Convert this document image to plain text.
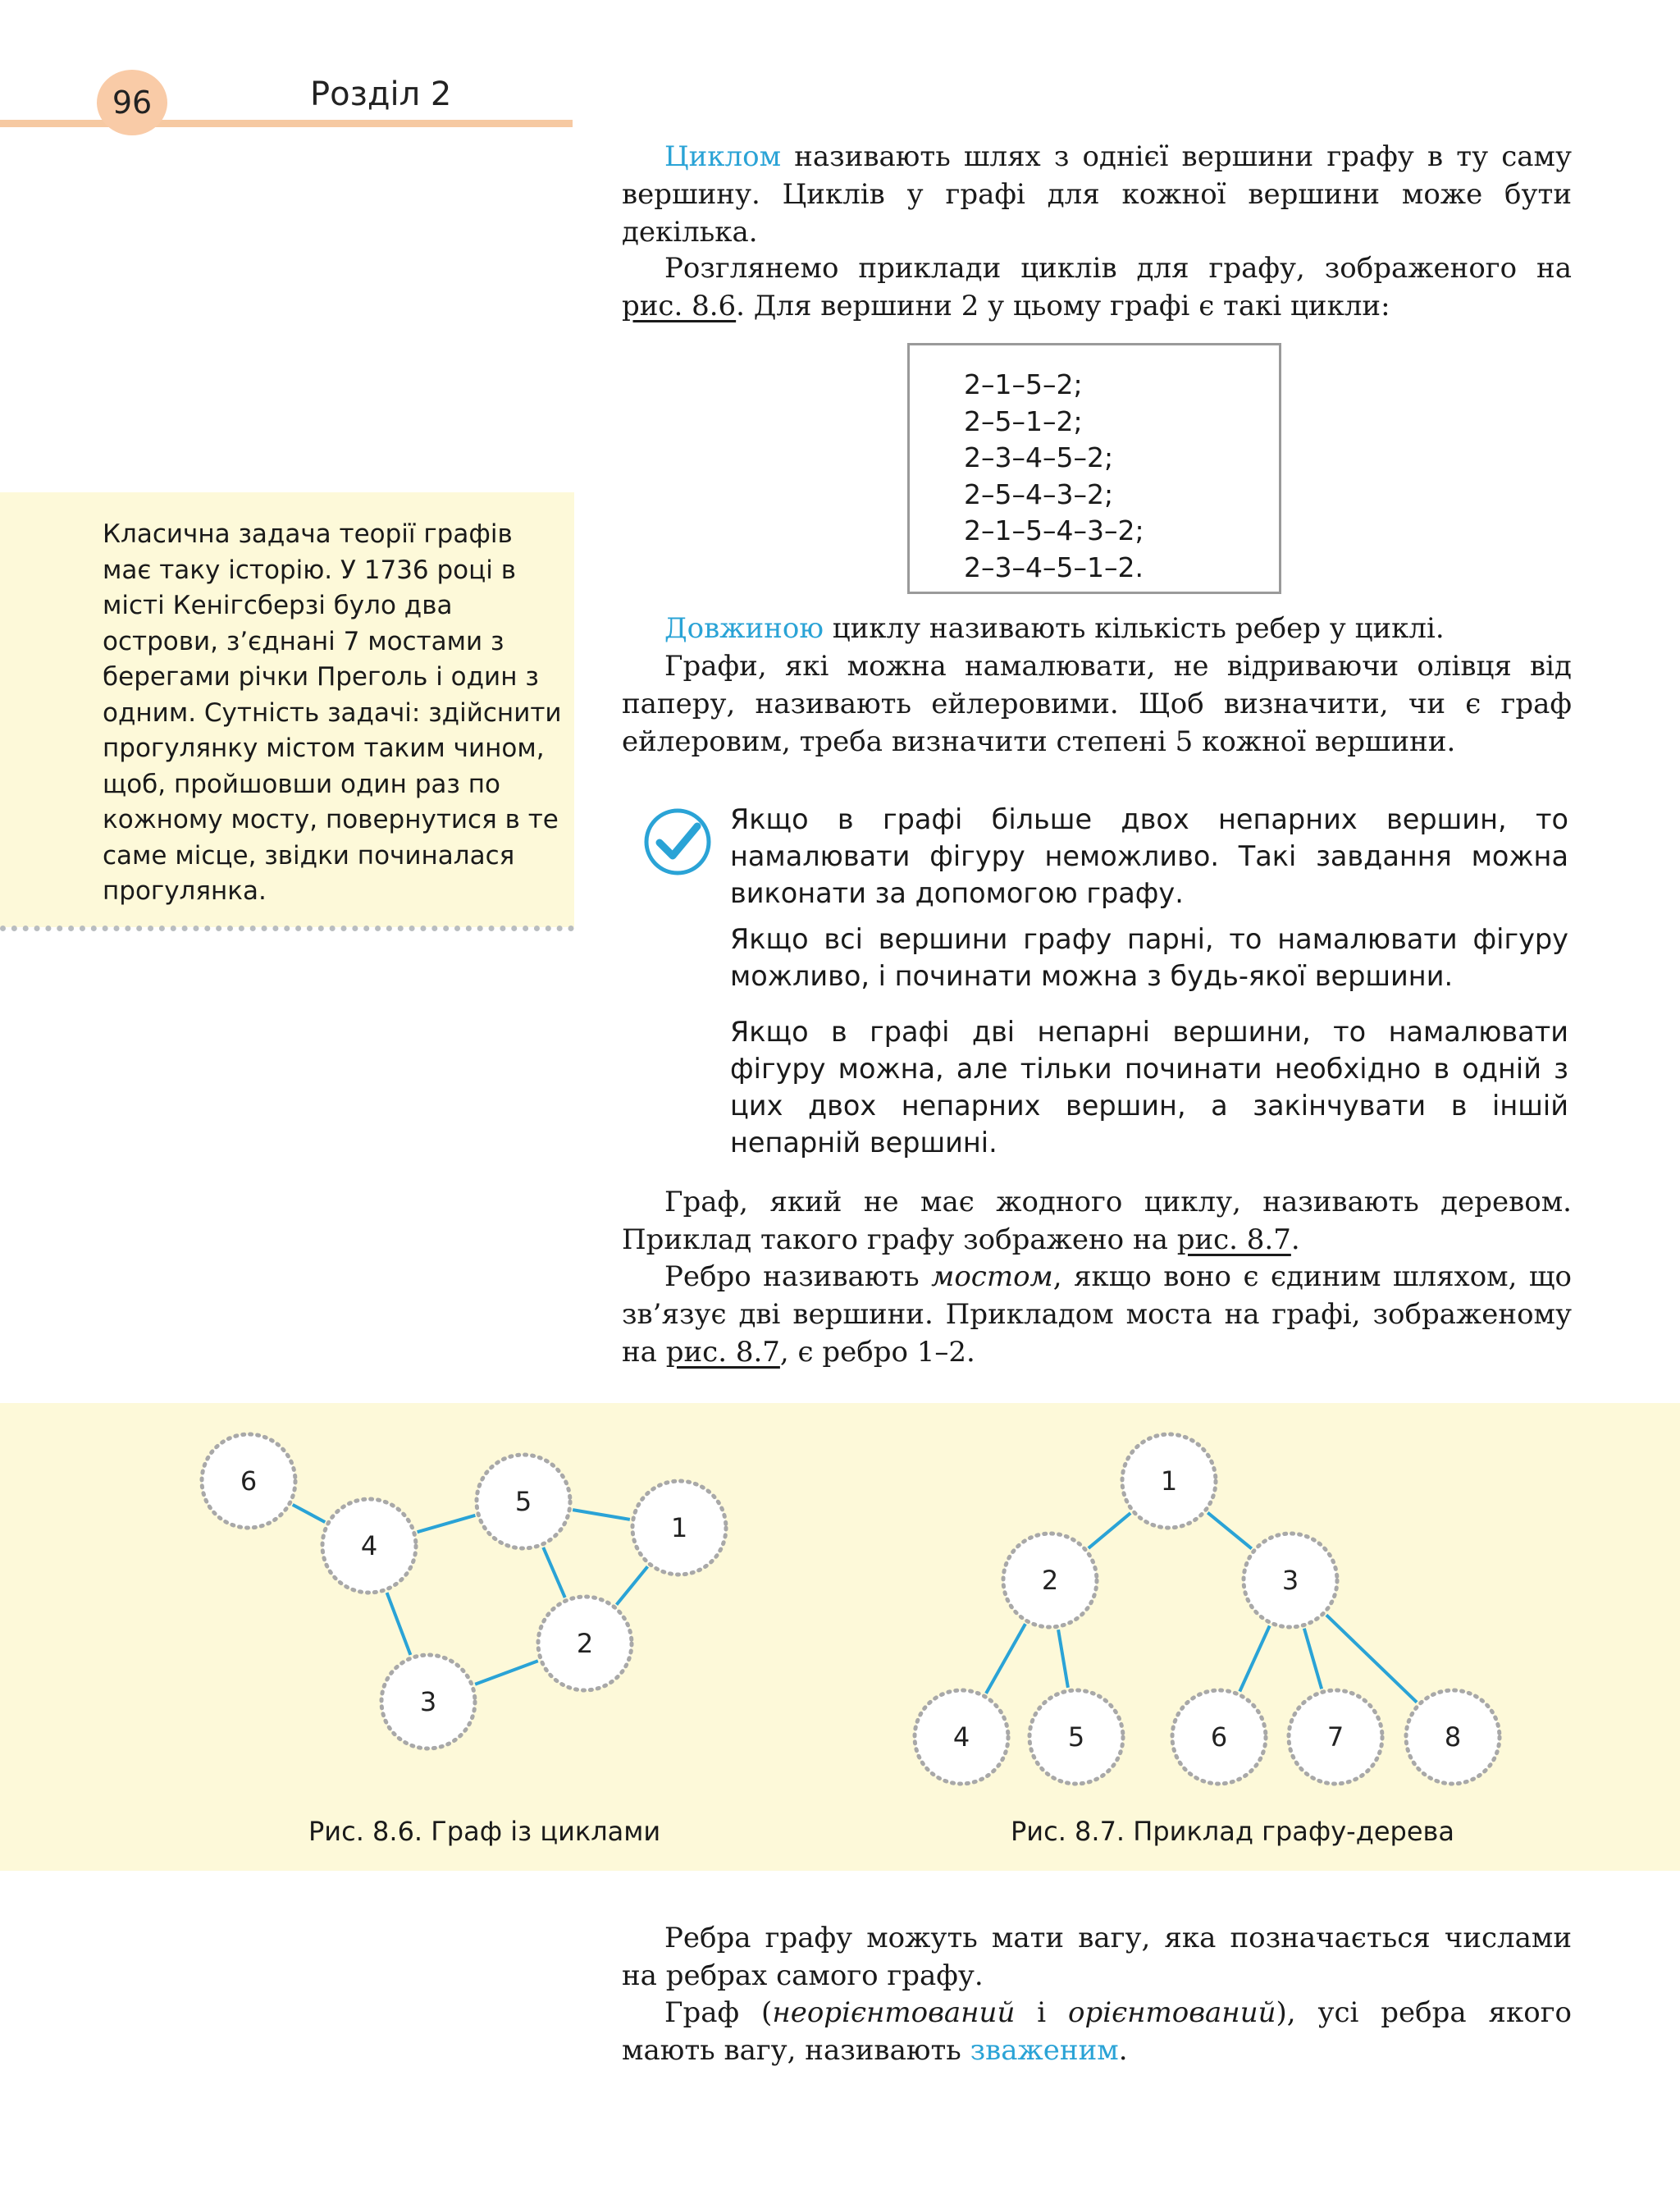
96	Розділ 2
Циклом називають шлях з однієї вершини графу в ту саму вершину. Циклів у графі для кожної вершини може бути декілька.
Розглянемо приклади циклів для графу, зображеного на рис. 8.6. Для вершини 2 у цьому графі є такі цикли:
2–1–5–2;
2–5–1–2;
2–3–4–5–2;
2–5–4–3–2;
2–1–5–4–3–2;
2–3–4–5–1–2.
Довжиною циклу називають кількість ребер у циклі.
Графи, які можна намалювати, не відриваючи олівця від паперу, називають ейлеровими. Щоб визначити, чи є граф ейлеровим, треба визначити степені 5 кожної вершини.
Класична задача теорії графів має таку історію. У 1736 році в місті Кенігсберзі було два острови, з’єднані 7 мостами з берегами річки Преголь і один з одним. Сутність задачі: здійснити прогулянку містом таким чином, щоб, пройшовши один раз по кожному мосту, повернутися в те саме місце, звідки починалася прогулянка.
Якщо в графі більше двох непарних вершин, то намалювати фігуру неможливо. Такі завдання можна виконати за допомогою графу.
Якщо всі вершини графу парні, то намалювати фігуру можливо, і починати можна з будь-якої вершини.
Якщо в графі дві непарні вершини, то намалювати фігуру можна, але тільки починати необхідно в одній з цих двох непарних вершин, а закінчувати в іншій непарній вершині.
Граф, який не має жодного циклу, називають деревом. Приклад такого графу зображено на рис. 8.7.
Ребро називають мостом, якщо воно є єдиним шляхом, що зв’язує дві вершини. Прикладом моста на графі, зображеному на рис. 8.7, є ребро 1–2.
6
4
5
1
2
3
1
2	3
4	5	6	7	8
Рис. 8.6. Граф із циклами	Рис. 8.7. Приклад графу-дерева
Ребра графу можуть мати вагу, яка позначається числами на ребрах самого графу.
Граф (неорієнтований і орієнтований), усі ребра якого мають вагу, називають зваженим.
